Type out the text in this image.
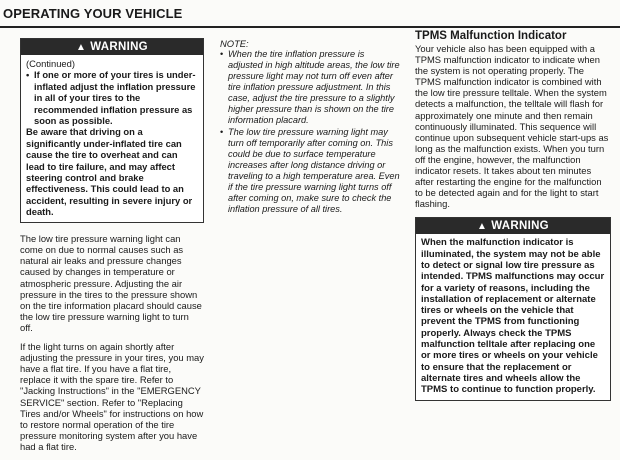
OPERATING YOUR VEHICLE
▲ WARNING
(Continued)
• If one or more of your tires is under-inflated adjust the inflation pressure in all of your tires to the recommended inflation pressure as soon as possible.
Be aware that driving on a significantly under-inflated tire can cause the tire to overheat and can lead to tire failure, and may affect steering control and brake effectiveness. This could lead to an accident, resulting in severe injury or death.

The low tire pressure warning light can come on due to normal causes such as natural air leaks and pressure changes caused by changes in temperature or atmospheric pressure. Adjusting the air pressure in the tires to the pressure shown on the tire information placard should cause the low tire pressure warning light to turn off.

If the light turns on again shortly after adjusting the pressure in your tires, you may have a flat tire. If you have a flat tire, replace it with the spare tire. Refer to "Jacking Instructions" in the "EMERGENCY SERVICE" section. Refer to "Replacing Tires and/or Wheels" for instructions on how to restore normal operation of the tire pressure monitoring system after you have had a flat tire.

NOTE:
• When the tire inflation pressure is adjusted in high altitude areas, the low tire pressure light may not turn off even after tire inflation pressure adjustment. In this case, adjust the tire pressure to a slightly higher pressure than is shown on the tire information placard.
• The low tire pressure warning light may turn off temporarily after coming on. This could be due to surface temperature increases after long distance driving or traveling to a high temperature area. Even if the tire pressure warning light turns off after coming on, make sure to check the inflation pressure of all tires.
TPMS Malfunction Indicator

Your vehicle also has been equipped with a TPMS malfunction indicator to indicate when the system is not operating properly. The TPMS malfunction indicator is combined with the low tire pressure telltale. When the system detects a malfunction, the telltale will flash for approximately one minute and then remain continuously illuminated. This sequence will continue upon subsequent vehicle start-ups as long as the malfunction exists. When you turn off the engine, however, the malfunction indicator resets. It takes about ten minutes after restarting the engine for the malfunction to be detected again and for the light to start flashing.

▲ WARNING
When the malfunction indicator is illuminated, the system may not be able to detect or signal low tire pressure as intended. TPMS malfunctions may occur for a variety of reasons, including the installation of replacement or alternate tires or wheels on the vehicle that prevent the TPMS from functioning properly. Always check the TPMS malfunction telltale after replacing one or more tires or wheels on your vehicle to ensure that the replacement or alternate tires and wheels allow the TPMS to continue to function properly.
